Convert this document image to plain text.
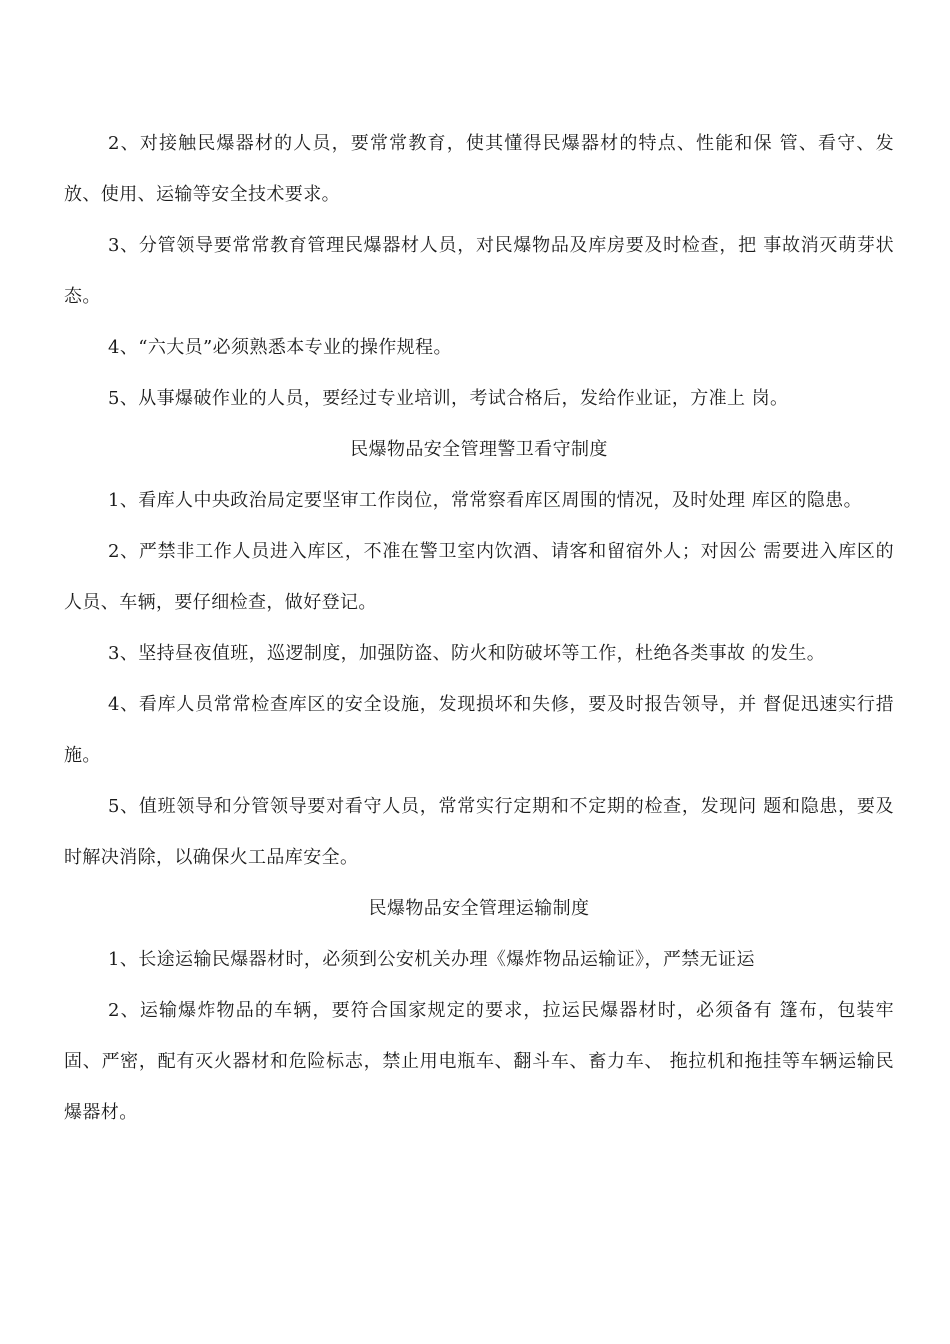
2、对接触民爆器材的人员，要常常教育，使其懂得民爆器材的特点、性能和保 管、看守、发放、使用、运输等安全技术要求。

3、分管领导要常常教育管理民爆器材人员，对民爆物品及库房要及时检查，把 事故消灭萌芽状态。

4、“六大员”必须熟悉本专业的操作规程。

5、从事爆破作业的人员，要经过专业培训，考试合格后，发给作业证，方准上 岗。

民爆物品安全管理警卫看守制度

1、看库人中央政治局定要坚审工作岗位，常常察看库区周围的情况，及时处理 库区的隐患。

2、严禁非工作人员进入库区，不准在警卫室内饮酒、请客和留宿外人；对因公 需要进入库区的人员、车辆，要仔细检查，做好登记。

3、坚持昼夜值班，巡逻制度，加强防盗、防火和防破坏等工作，杜绝各类事故 的发生。

4、看库人员常常检查库区的安全设施，发现损坏和失修，要及时报告领导，并 督促迅速实行措施。

5、值班领导和分管领导要对看守人员，常常实行定期和不定期的检查，发现问 题和隐患，要及时解决消除，以确保火工品库安全。

民爆物品安全管理运输制度

1、长途运输民爆器材时，必须到公安机关办理《爆炸物品运输证》，严禁无证运

2、运输爆炸物品的车辆，要符合国家规定的要求，拉运民爆器材时，必须备有 篷布，包装牢固、严密，配有灭火器材和危险标志，禁止用电瓶车、翻斗车、畜力车、 拖拉机和拖挂等车辆运输民爆器材。
